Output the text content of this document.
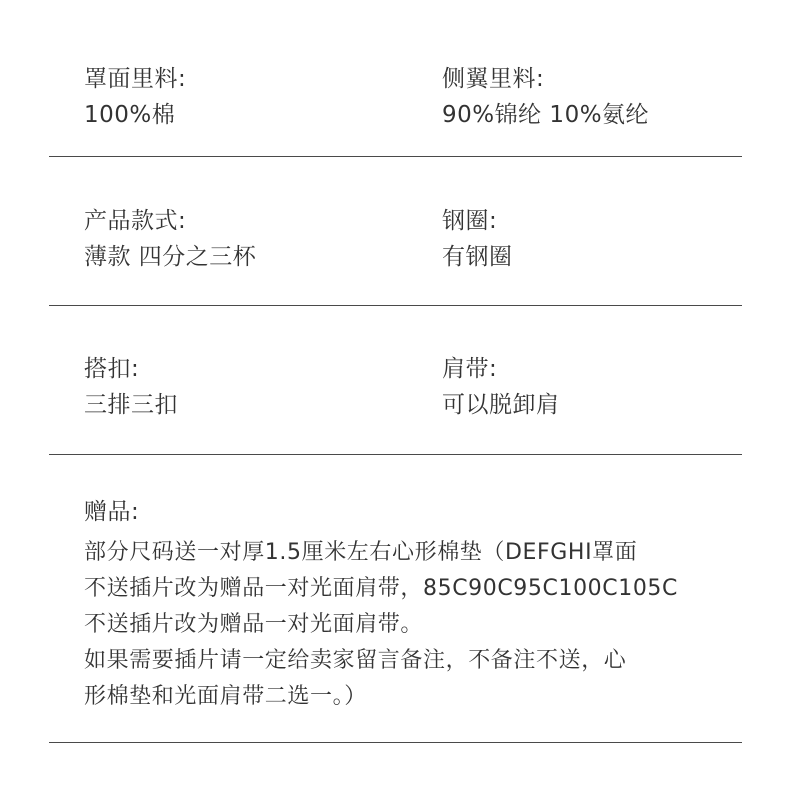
罩面里料:
100%棉
侧翼里料:
90%锦纶 10%氨纶
产品款式:
薄款 四分之三杯
钢圈:
有钢圈
搭扣:
三排三扣
肩带:
可以脱卸肩
赠品:
部分尺码送一对厚1.5厘米左右心形棉垫（DEFGHI罩面
不送插片改为赠品一对光面肩带，85C90C95C100C105C
不送插片改为赠品一对光面肩带。
如果需要插片请一定给卖家留言备注，不备注不送，心
形棉垫和光面肩带二选一。）
